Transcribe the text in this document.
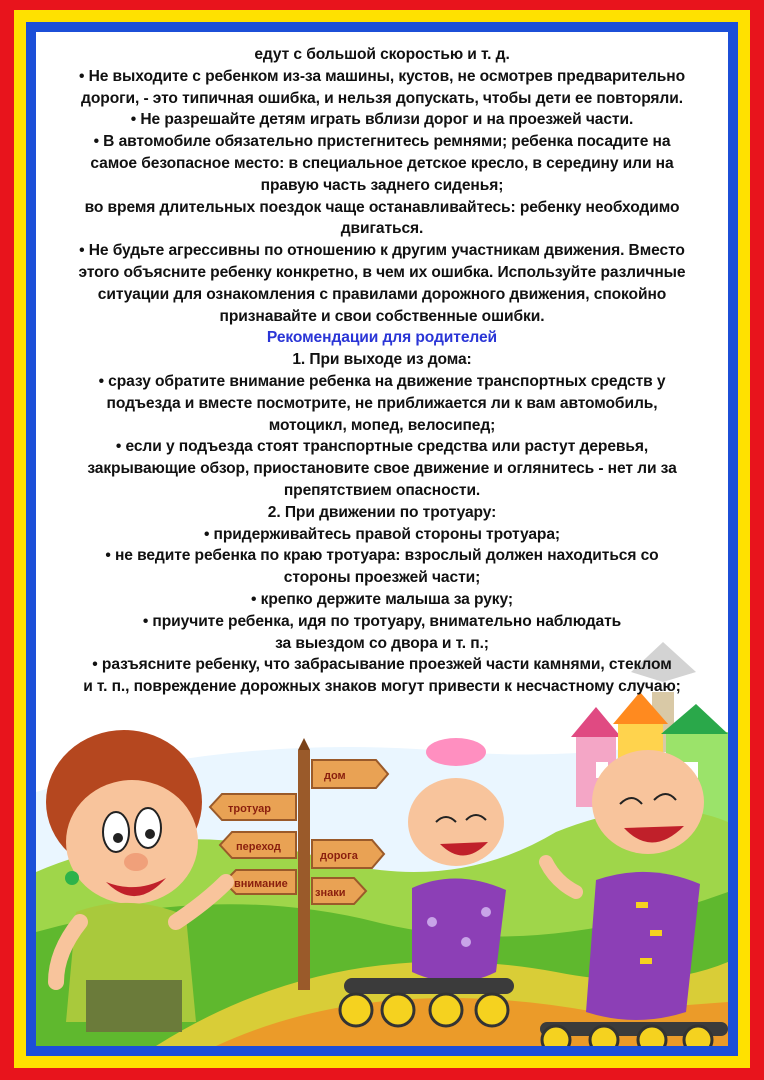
дом
тротуар
переход
дорога
внимание
знаки

едут с большой скоростью и т. д.

• Не выходите с ребенком из-за машины, кустов, не осмотрев предварительно

дороги, - это типичная ошибка, и нельзя допускать, чтобы дети ее повторяли.

• Не разрешайте детям играть вблизи дорог и на проезжей части.

• В автомобиле обязательно пристегнитесь ремнями; ребенка посадите на

самое безопасное место: в специальное детское кресло, в середину или на

правую часть заднего сиденья;

во время длительных поездок чаще останавливайтесь: ребенку необходимо

двигаться.

• Не будьте агрессивны по отношению к другим участникам движения. Вместо

этого объясните ребенку конкретно, в чем их ошибка. Используйте различные

ситуации для ознакомления с правилами дорожного движения, спокойно

признавайте и свои собственные ошибки.

Рекомендации для родителей

1. При выходе из дома:

• сразу обратите внимание ребенка на движение транспортных средств у

подъезда и вместе посмотрите, не приближается ли к вам автомобиль,

мотоцикл, мопед, велосипед;

• если у подъезда стоят транспортные средства или растут деревья,

закрывающие обзор, приостановите свое движение и оглянитесь - нет ли за

препятствием опасности.

2. При движении по тротуару:

• придерживайтесь правой стороны тротуара;

• не ведите ребенка по краю тротуара: взрослый должен находиться со

стороны проезжей части;

• крепко держите малыша за руку;

• приучите ребенка, идя по тротуару, внимательно наблюдать

за выездом со двора и т. п.;

• разъясните ребенку, что забрасывание проезжей части камнями, стеклом

и т. п., повреждение дорожных знаков могут привести к несчастному случаю;
